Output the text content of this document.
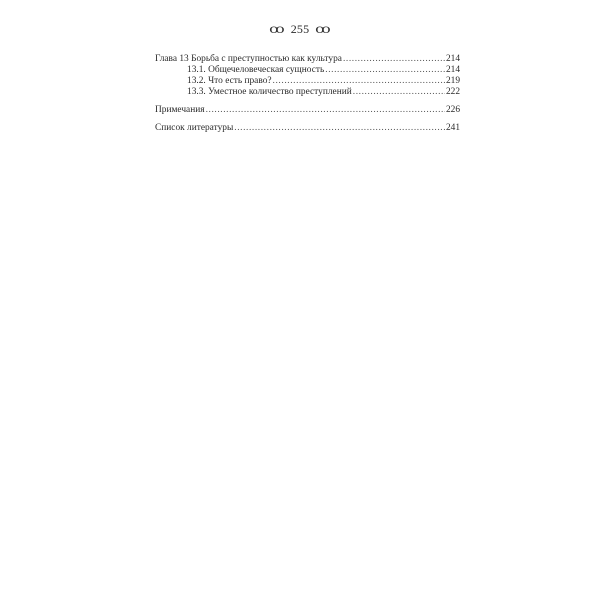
ꝏ 255 ꝏ
Глава 13 Борьба с преступностью как культура .....	214
13.1. Общечеловеческая сущность .....	214
13.2. Что есть право? .....	219
13.3. Уместное количество преступлений .....	222
Примечания .....	226
Список литературы .....	241
